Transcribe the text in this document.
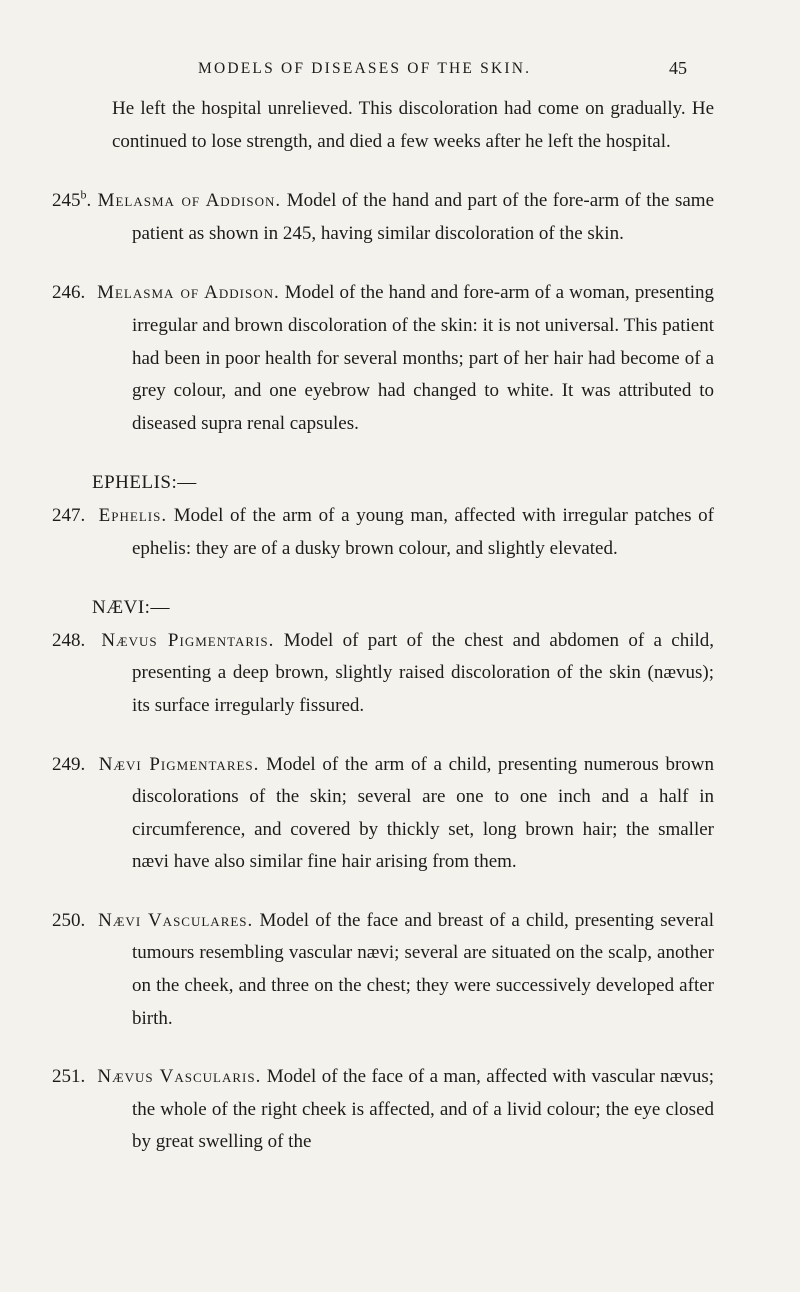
MODELS OF DISEASES OF THE SKIN.	45

He left the hospital unrelieved. This discoloration had come on gradually. He continued to lose strength, and died a few weeks after he left the hospital.

245$^b$. Melasma of Addison. Model of the hand and part of the fore-arm of the same patient as shown in 245, having similar discoloration of the skin.

246. Melasma of Addison. Model of the hand and fore-arm of a woman, presenting irregular and brown discoloration of the skin: it is not universal. This patient had been in poor health for several months; part of her hair had become of a grey colour, and one eyebrow had changed to white. It was attributed to diseased supra renal capsules.

EPHELIS:—

247. Ephelis. Model of the arm of a young man, affected with irregular patches of ephelis: they are of a dusky brown colour, and slightly elevated.

NÆVI:—

248. Nævus Pigmentaris. Model of part of the chest and abdomen of a child, presenting a deep brown, slightly raised discoloration of the skin (nævus); its surface irregularly fissured.

249. Nævi Pigmentares. Model of the arm of a child, presenting numerous brown discolorations of the skin; several are one to one inch and a half in circumference, and covered by thickly set, long brown hair; the smaller nævi have also similar fine hair arising from them.

250. Nævi Vasculares. Model of the face and breast of a child, presenting several tumours resembling vascular nævi; several are situated on the scalp, another on the cheek, and three on the chest; they were successively developed after birth.

251. Nævus Vascularis. Model of the face of a man, affected with vascular nævus; the whole of the right cheek is affected, and of a livid colour; the eye closed by great swelling of the
